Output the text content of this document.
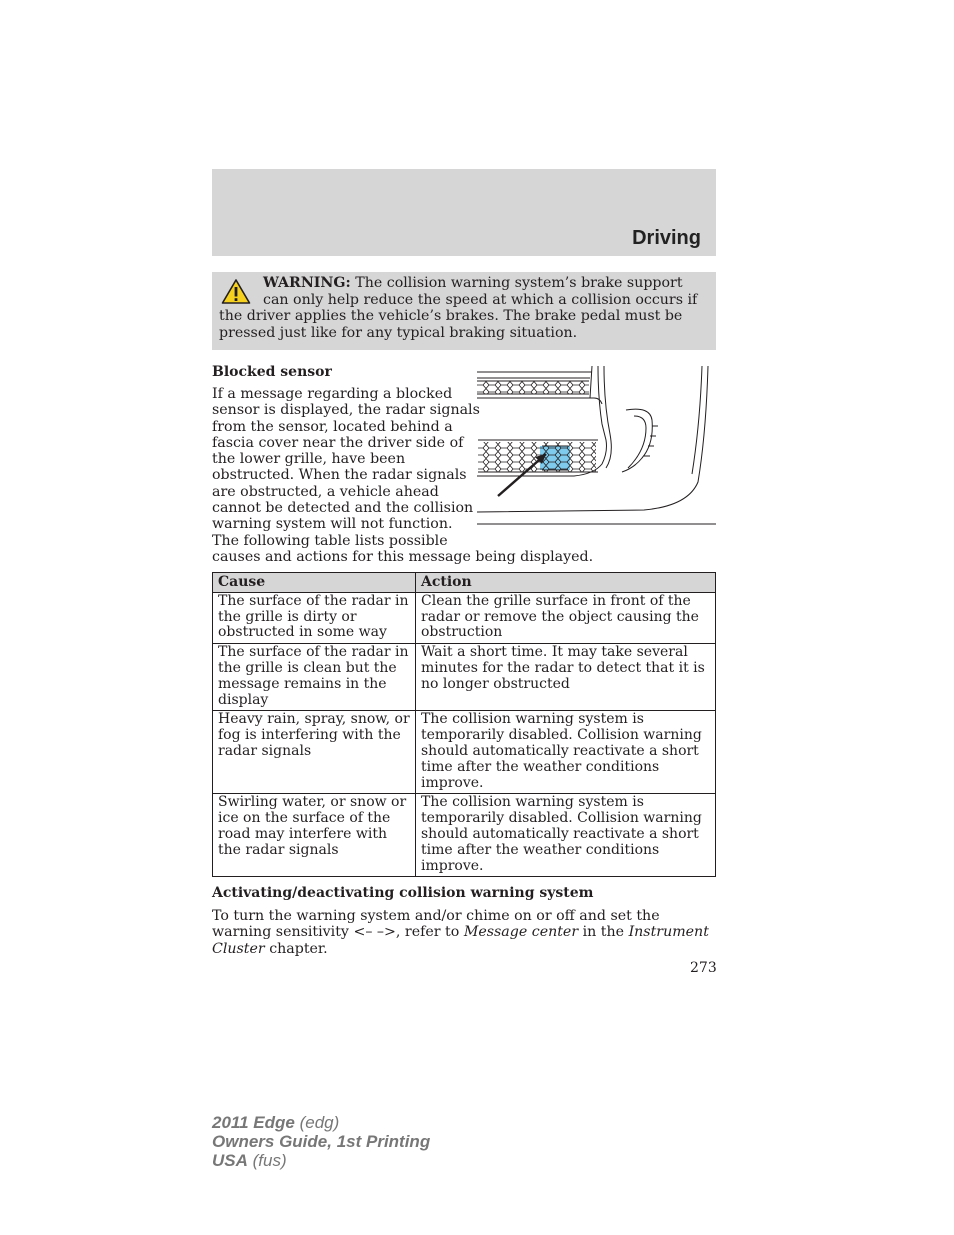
Driving
WARNING: The collision warning system’s brake support can only help reduce the speed at which a collision occurs if the driver applies the vehicle’s brakes. The brake pedal must be pressed just like for any typical braking situation.
Blocked sensor
If a message regarding a blocked
sensor is displayed, the radar signals
from the sensor, located behind a
fascia cover near the driver side of
the lower grille, have been
obstructed. When the radar signals
are obstructed, a vehicle ahead
cannot be detected and the collision
warning system will not function.
The following table lists possible
causes and actions for this message being displayed.
Cause	Action
The surface of the radar in the grille is dirty or obstructed in some way	Clean the grille surface in front of the radar or remove the object causing the obstruction
The surface of the radar in the grille is clean but the message remains in the display	Wait a short time. It may take several minutes for the radar to detect that it is no longer obstructed
Heavy rain, spray, snow, or fog is interfering with the radar signals	The collision warning system is temporarily disabled. Collision warning should automatically reactivate a short time after the weather conditions improve.
Swirling water, or snow or ice on the surface of the road may interfere with the radar signals	The collision warning system is temporarily disabled. Collision warning should automatically reactivate a short time after the weather conditions improve.
Activating/deactivating collision warning system
To turn the warning system and/or chime on or off and set the warning sensitivity <– –>, refer to Message center in the Instrument Cluster chapter.
273
2011 Edge (edg)
Owners Guide, 1st Printing
USA (fus)
